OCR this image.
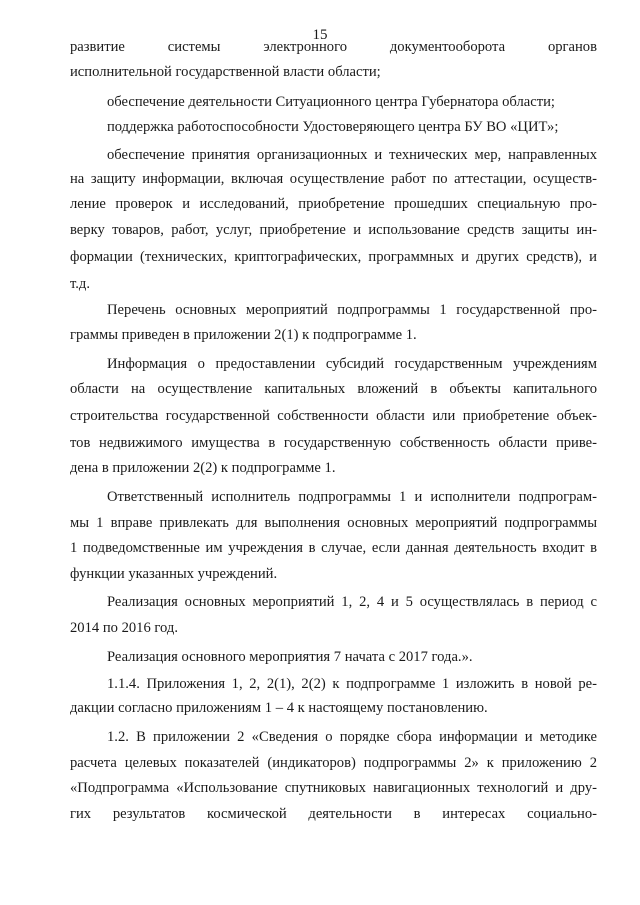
15
развитие системы электронного документооборота органов
исполнительной государственной власти области;
обеспечение деятельности Ситуационного центра Губернатора области;
поддержка работоспособности Удостоверяющего центра БУ ВО «ЦИТ»;
обеспечение принятия организационных и технических мер, направленных
на защиту информации, включая осуществление работ по аттестации, осуществ-
ление проверок и исследований, приобретение прошедших специальную про-
верку товаров, работ, услуг, приобретение и использование средств защиты ин-
формации (технических, криптографических, программных и других средств), и
т.д.
Перечень основных мероприятий подпрограммы 1 государственной про-
граммы приведен в приложении 2(1) к подпрограмме 1.
Информация о предоставлении субсидий государственным учреждениям
области на осуществление капитальных вложений в объекты капитального
строительства государственной собственности области или приобретение объек-
тов недвижимого имущества в государственную собственность области приве-
дена в приложении 2(2) к подпрограмме 1.
Ответственный исполнитель подпрограммы 1 и исполнители подпрограм-
мы 1 вправе привлекать для выполнения основных мероприятий подпрограммы
1 подведомственные им учреждения в случае, если данная деятельность входит в
функции указанных учреждений.
Реализация основных мероприятий 1, 2, 4 и 5 осуществлялась в период с
2014 по 2016 год.
Реализация основного мероприятия 7 начата с 2017 года.».
1.1.4. Приложения 1, 2, 2(1), 2(2) к подпрограмме 1 изложить в новой ре-
дакции согласно приложениям 1 – 4 к настоящему постановлению.
1.2. В приложении 2 «Сведения о порядке сбора информации и методике
расчета целевых показателей (индикаторов) подпрограммы 2» к приложению 2
«Подпрограмма «Использование спутниковых навигационных технологий и дру-
гих результатов космической деятельности в интересах социально-
